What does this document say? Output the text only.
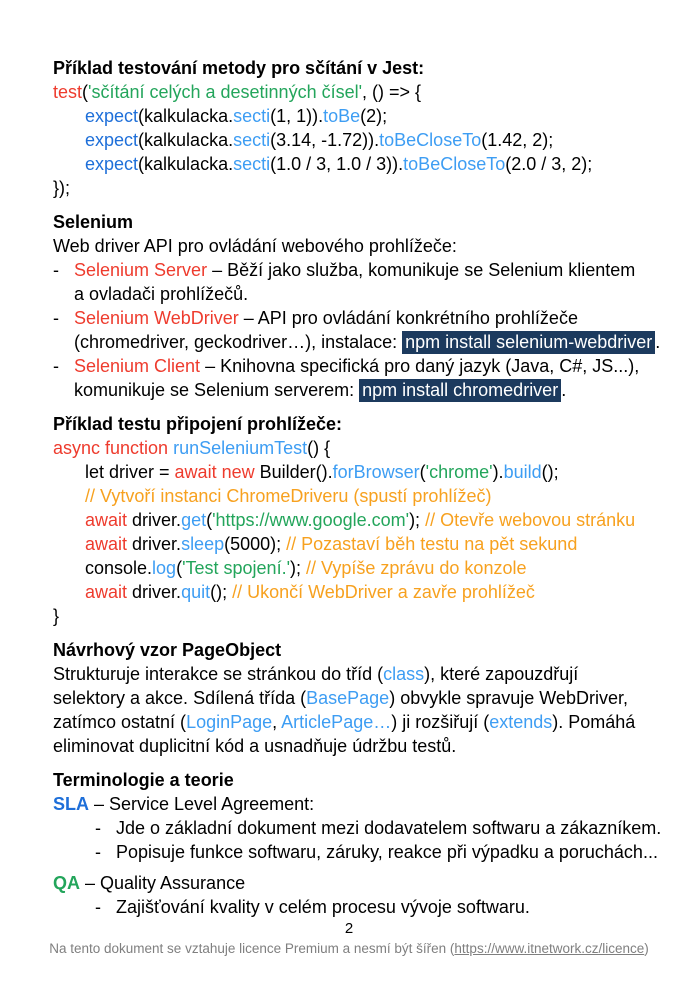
Příklad testování metody pro sčítání v Jest:
test('sčítání celých a desetinných čísel', () => {
expect(kalkulacka.secti(1, 1)).toBe(2);
expect(kalkulacka.secti(3.14, -1.72)).toBeCloseTo(1.42, 2);
expect(kalkulacka.secti(1.0 / 3, 1.0 / 3)).toBeCloseTo(2.0 / 3, 2);
});
Selenium
Web driver API pro ovládání webového prohlížeče:
- Selenium Server – Běží jako služba, komunikuje se Selenium klientem
a ovladači prohlížečů.
- Selenium WebDriver – API pro ovládání konkrétního prohlížeče
(chromedriver, geckodriver…), instalace: npm install selenium-webdriver .
- Selenium Client – Knihovna specifická pro daný jazyk (Java, C#, JS...),
komunikuje se Selenium serverem: npm install chromedriver .
Příklad testu připojení prohlížeče:
async function runSeleniumTest() {
let driver = await new Builder().forBrowser('chrome').build();
// Vytvoří instanci ChromeDriveru (spustí prohlížeč)
await driver.get('https://www.google.com'); // Otevře webovou stránku
await driver.sleep(5000); // Pozastaví běh testu na pět sekund
console.log('Test spojení.'); // Vypíše zprávu do konzole
await driver.quit(); // Ukončí WebDriver a zavře prohlížeč
}
Návrhový vzor PageObject
Strukturuje interakce se stránkou do tříd (class), které zapouzdřují
selektory a akce. Sdílená třída (BasePage) obvykle spravuje WebDriver,
zatímco ostatní (LoginPage, ArticlePage…) ji rozšiřují (extends). Pomáhá
eliminovat duplicitní kód a usnadňuje údržbu testů.
Terminologie a teorie
SLA – Service Level Agreement:
- Jde o základní dokument mezi dodavatelem softwaru a zákazníkem.
- Popisuje funkce softwaru, záruky, reakce při výpadku a poruchách...
QA – Quality Assurance
- Zajišťování kvality v celém procesu vývoje softwaru.
2
Na tento dokument se vztahuje licence Premium a nesmí být šířen (https://www.itnetwork.cz/licence)
